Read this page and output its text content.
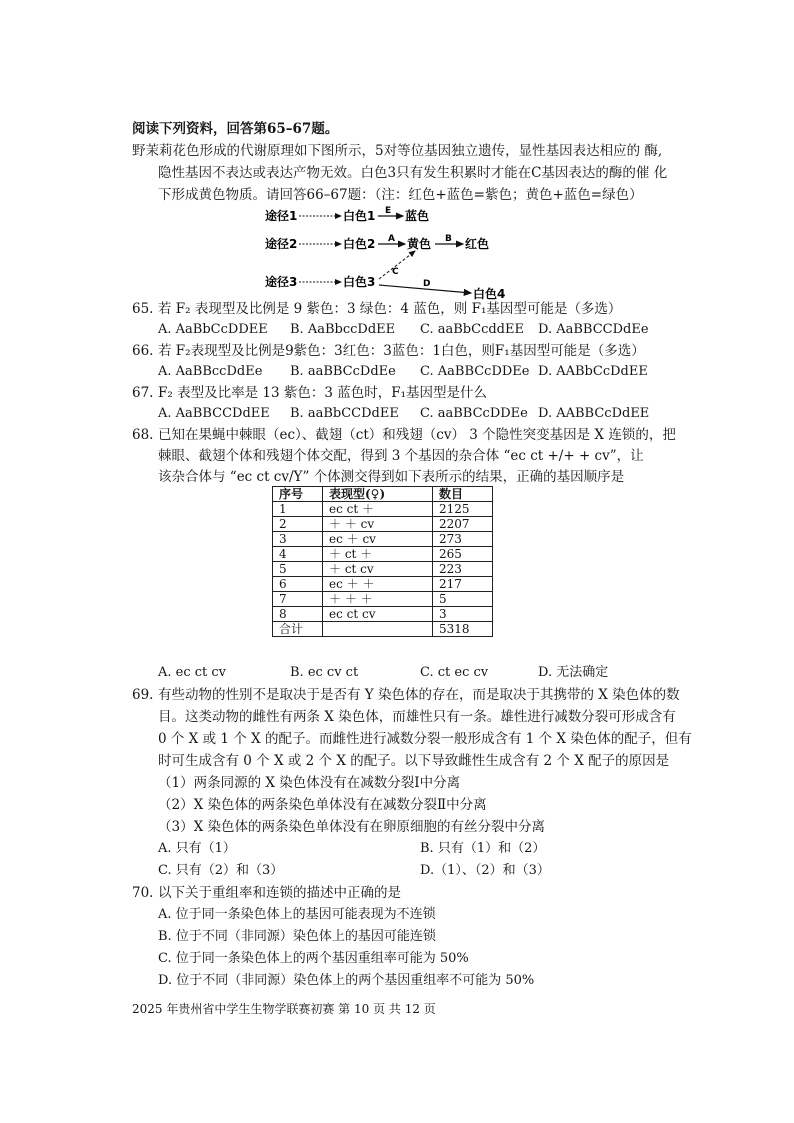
阅读下列资料，回答第65–67题。
野茉莉花色形成的代谢原理如下图所示，5对等位基因独立遗传，显性基因表达相应的 酶,
隐性基因不表达或表达产物无效。白色3只有发生积累时才能在C基因表达的酶的催 化
下形成黄色物质。请回答66–67题：（注：红色+蓝色=紫色；黄色+蓝色=绿色）
途径1	白色1 E 蓝色
途径2	白色2 A 黄色 B 红色
途径3	白色3
C
D
白色4
65. 若 F₂ 表现型及比例是 9 紫色：3 绿色：4 蓝色，则 F₁基因型可能是（多选）
A. AaBbCcDDEE B. AaBbccDdEE C. aaBbCcddEE D. AaBBCCDdEe
66. 若 F₂表现型及比例是9紫色：3红色：3蓝色：1白色，则F₁基因型可能是（多选）
A. AaBBccDdEe B. aaBBCcDdEe C. AaBBCcDDEe D. AABbCcDdEE
67. F₂ 表型及比率是 13 紫色：3 蓝色时，F₁基因型是什么
A. AaBBCCDdEE B. aaBbCCDdEE C. aaBBCcDDEe D. AABBCcDdEE
68. 已知在果蝇中棘眼（ec）、截翅（ct）和残翅（cv） 3 个隐性突变基因是 X 连锁的，把
棘眼、截翅个体和残翅个体交配，得到 3 个基因的杂合体 “ec ct +/+ + cv”，让
该杂合体与 “ec ct cv/Y” 个体测交得到如下表所示的结果，正确的基因顺序是
序号	表现型(♀)	数目
1	ec ct ＋	2125
2	＋ ＋ cv	2207
3	ec ＋ cv	273
4	＋ ct ＋	265
5	＋ ct cv	223
6	ec ＋ ＋	217
7	＋ ＋ ＋	5
8	ec ct cv	3
合计		5318
A. ec ct cv	B. ec cv ct	C. ct ec cv	D. 无法确定
69. 有些动物的性别不是取决于是否有 Y 染色体的存在，而是取决于其携带的 X 染色体的数
目。这类动物的雌性有两条 X 染色体，而雄性只有一条。雄性进行减数分裂可形成含有
0 个 X 或 1 个 X 的配子。而雌性进行减数分裂一般形成含有 1 个 X 染色体的配子，但有
时可生成含有 0 个 X 或 2 个 X 的配子。以下导致雌性生成含有 2 个 X 配子的原因是
（1）两条同源的 X 染色体没有在减数分裂Ⅰ中分离
（2）X 染色体的两条染色单体没有在减数分裂Ⅱ中分离
（3）X 染色体的两条染色单体没有在卵原细胞的有丝分裂中分离
A. 只有（1）	B. 只有（1）和（2）
C. 只有（2）和（3）	D.（1）、（2）和（3）
70. 以下关于重组率和连锁的描述中正确的是
A. 位于同一条染色体上的基因可能表现为不连锁
B. 位于不同（非同源）染色体上的基因可能连锁
C. 位于同一条染色体上的两个基因重组率可能为 50%
D. 位于不同（非同源）染色体上的两个基因重组率不可能为 50%
2025 年贵州省中学生生物学联赛初赛 第 10 页 共 12 页
